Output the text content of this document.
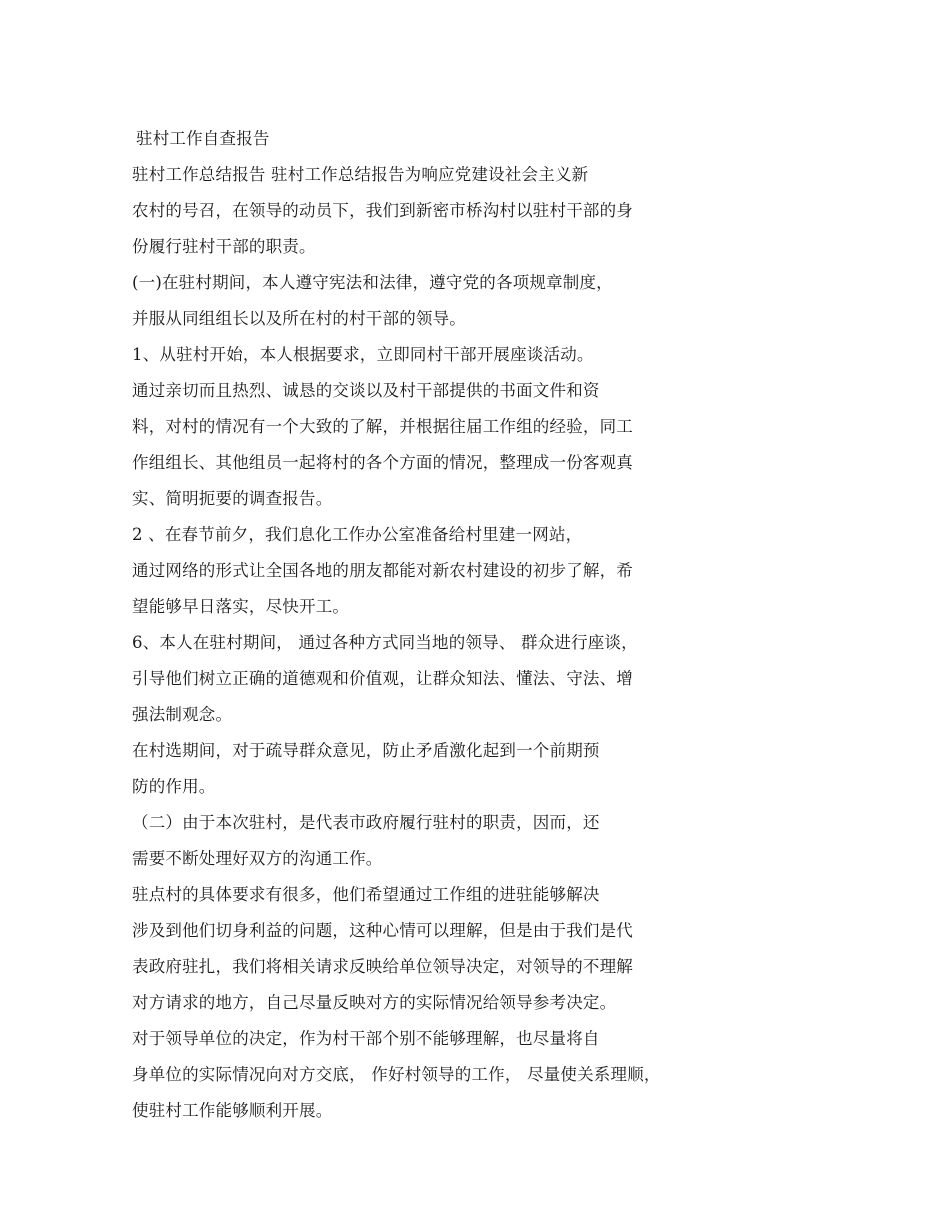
驻村工作自查报告
驻村工作总结报告 驻村工作总结报告为响应党建设社会主义新
农村的号召，在领导的动员下，我们到新密市桥沟村以驻村干部的身
份履行驻村干部的职责。
(一)在驻村期间，本人遵守宪法和法律，遵守党的各项规章制度，
并服从同组组长以及所在村的村干部的领导。
1、从驻村开始，本人根据要求，立即同村干部开展座谈活动。
通过亲切而且热烈、诚恳的交谈以及村干部提供的书面文件和资
料，对村的情况有一个大致的了解，并根据往届工作组的经验，同工
作组组长、其他组员一起将村的各个方面的情况，整理成一份客观真
实、简明扼要的调查报告。
2 、在春节前夕，我们息化工作办公室准备给村里建一网站，
通过网络的形式让全国各地的朋友都能对新农村建设的初步了解，希
望能够早日落实，尽快开工。
6、本人在驻村期间， 通过各种方式同当地的领导、 群众进行座谈，
引导他们树立正确的道德观和价值观，让群众知法、懂法、守法、增
强法制观念。
在村选期间，对于疏导群众意见，防止矛盾激化起到一个前期预
防的作用。
（二）由于本次驻村，是代表市政府履行驻村的职责，因而，还
需要不断处理好双方的沟通工作。
驻点村的具体要求有很多，他们希望通过工作组的进驻能够解决
涉及到他们切身利益的问题，这种心情可以理解，但是由于我们是代
表政府驻扎，我们将相关请求反映给单位领导决定，对领导的不理解
对方请求的地方，自己尽量反映对方的实际情况给领导参考决定。
对于领导单位的决定，作为村干部个别不能够理解，也尽量将自
身单位的实际情况向对方交底， 作好村领导的工作， 尽量使关系理顺，
使驻村工作能够顺利开展。
